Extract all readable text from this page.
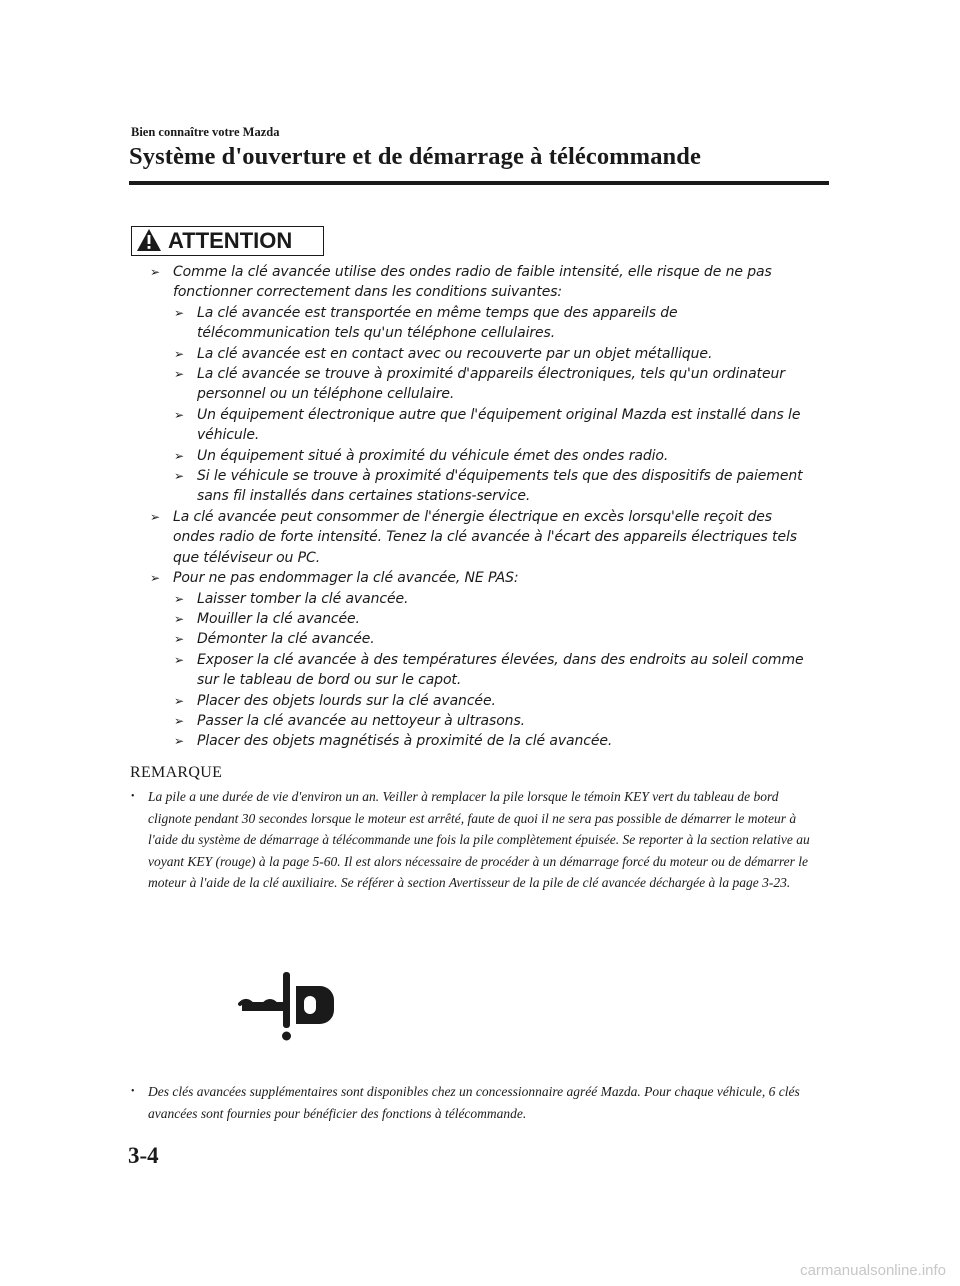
Bien connaître votre Mazda
Système d'ouverture et de démarrage à télécommande
ATTENTION
➢ Comme la clé avancée utilise des ondes radio de faible intensité, elle risque de ne pas fonctionner correctement dans les conditions suivantes:
➢ La clé avancée est transportée en même temps que des appareils de télécommunication tels qu'un téléphone cellulaires.
➢ La clé avancée est en contact avec ou recouverte par un objet métallique.
➢ La clé avancée se trouve à proximité d'appareils électroniques, tels qu'un ordinateur personnel ou un téléphone cellulaire.
➢ Un équipement électronique autre que l'équipement original Mazda est installé dans le véhicule.
➢ Un équipement situé à proximité du véhicule émet des ondes radio.
➢ Si le véhicule se trouve à proximité d'équipements tels que des dispositifs de paiement sans fil installés dans certaines stations-service.
➢ La clé avancée peut consommer de l'énergie électrique en excès lorsqu'elle reçoit des ondes radio de forte intensité. Tenez la clé avancée à l'écart des appareils électriques tels que téléviseur ou PC.
➢ Pour ne pas endommager la clé avancée, NE PAS:
➢ Laisser tomber la clé avancée.
➢ Mouiller la clé avancée.
➢ Démonter la clé avancée.
➢ Exposer la clé avancée à des températures élevées, dans des endroits au soleil comme sur le tableau de bord ou sur le capot.
➢ Placer des objets lourds sur la clé avancée.
➢ Passer la clé avancée au nettoyeur à ultrasons.
➢ Placer des objets magnétisés à proximité de la clé avancée.
REMARQUE
• La pile a une durée de vie d'environ un an. Veiller à remplacer la pile lorsque le témoin KEY vert du tableau de bord clignote pendant 30 secondes lorsque le moteur est arrêté, faute de quoi il ne sera pas possible de démarrer le moteur à l'aide du système de démarrage à télécommande une fois la pile complètement épuisée. Se reporter à la section relative au voyant KEY (rouge) à la page 5-60. Il est alors nécessaire de procéder à un démarrage forcé du moteur ou de démarrer le moteur à l'aide de la clé auxiliaire. Se référer à section Avertisseur de la pile de clé avancée déchargée à la page 3-23.
• Des clés avancées supplémentaires sont disponibles chez un concessionnaire agréé Mazda. Pour chaque véhicule, 6 clés avancées sont fournies pour bénéficier des fonctions à télécommande.
3-4
carmanualsonline.info
